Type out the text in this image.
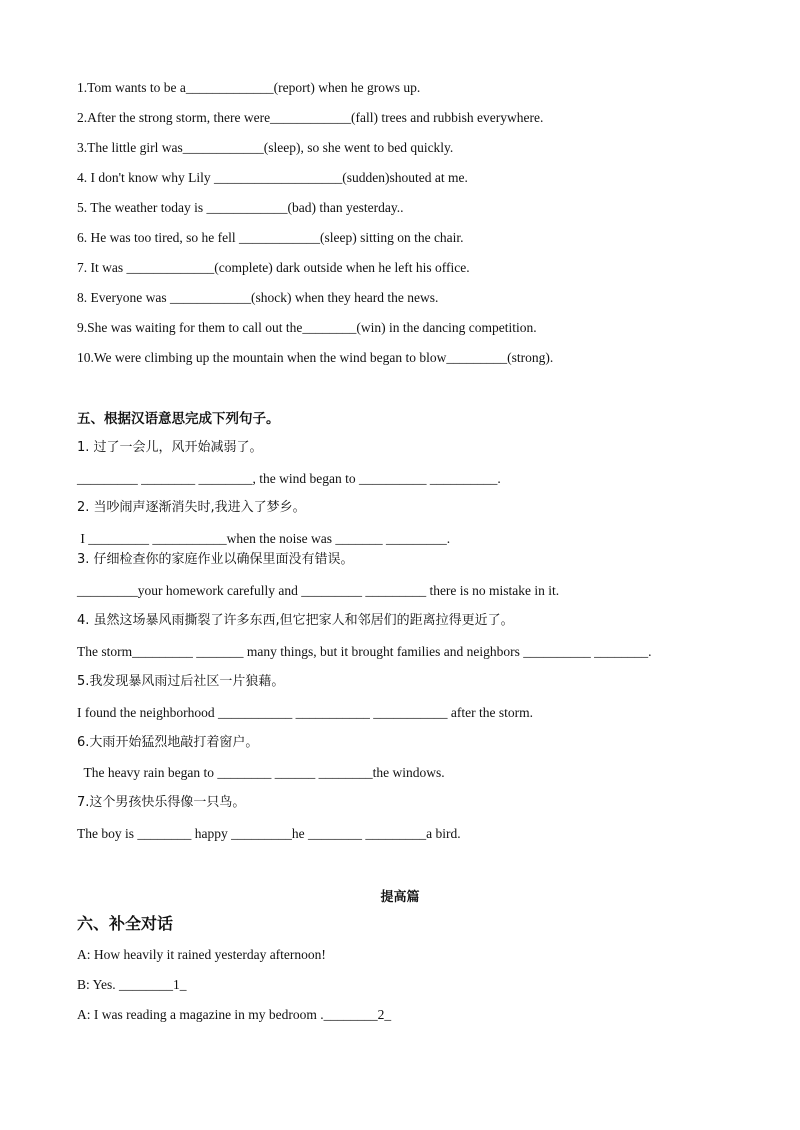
1.Tom wants to be a_____________(report) when he grows up.
2.After the strong storm, there were____________(fall) trees and rubbish everywhere.
3.The little girl was____________(sleep), so she went to bed quickly.
4. I don't know why Lily ___________________(sudden)shouted at me.
5. The weather today is ____________(bad) than yesterday..
6. He was too tired, so he fell ____________(sleep) sitting on the chair.
7. It was _____________(complete) dark outside when he left his office.
8. Everyone was ____________(shock) when they heard the news.
9.She was waiting for them to call out the________(win) in the dancing competition.
10.We were climbing up the mountain when the wind began to blow_________(strong).
五、根据汉语意思完成下列句子。
1. 过了一会儿，风开始减弱了。
_________ ________ ________, the wind began to __________ __________.
2. 当吵闹声逐渐消失时,我进入了梦乡。
I _________ ___________when the noise was _______ _________.
3. 仔细检查你的家庭作业以确保里面没有错误。
_________your homework carefully and _________ _________ there is no mistake in it.
4. 虽然这场暴风雨撕裂了许多东西,但它把家人和邻居们的距离拉得更近了。
The storm_________ _______ many things, but it brought families and neighbors __________ ________.
5.我发现暴风雨过后社区一片狼藉。
I found the neighborhood ___________ ___________ ___________ after the storm.
6.大雨开始猛烈地敲打着窗户。
The heavy rain began to ________ ______ ________the windows.
7.这个男孩快乐得像一只鸟。
The boy is ________ happy _________he ________ _________a bird.
提高篇
六、补全对话
A: How heavily it rained yesterday afternoon!
B: Yes. ________1_
A: I was reading a magazine in my bedroom .________2_
